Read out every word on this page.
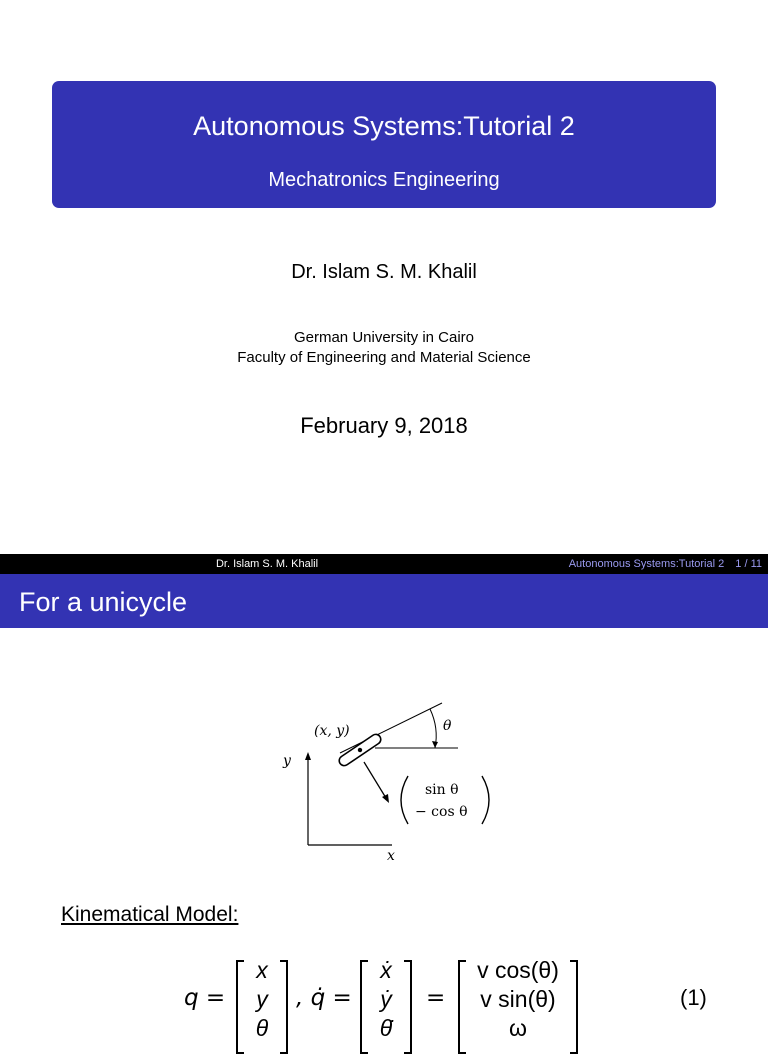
Autonomous Systems:Tutorial 2
Mechatronics Engineering
Dr. Islam S. M. Khalil
German University in Cairo
Faculty of Engineering and Material Science
February 9, 2018
Dr. Islam S. M. Khalil	Autonomous Systems:Tutorial 2 1 / 11
For a unicycle
(x, y)	θ
y
x
sin θ
− cos θ
Kinematical Model:
q =
x
y
θ
, q̇ =
ẋ
ẏ
θ̇
=
v cos(θ)
v sin(θ)
ω
(1)
